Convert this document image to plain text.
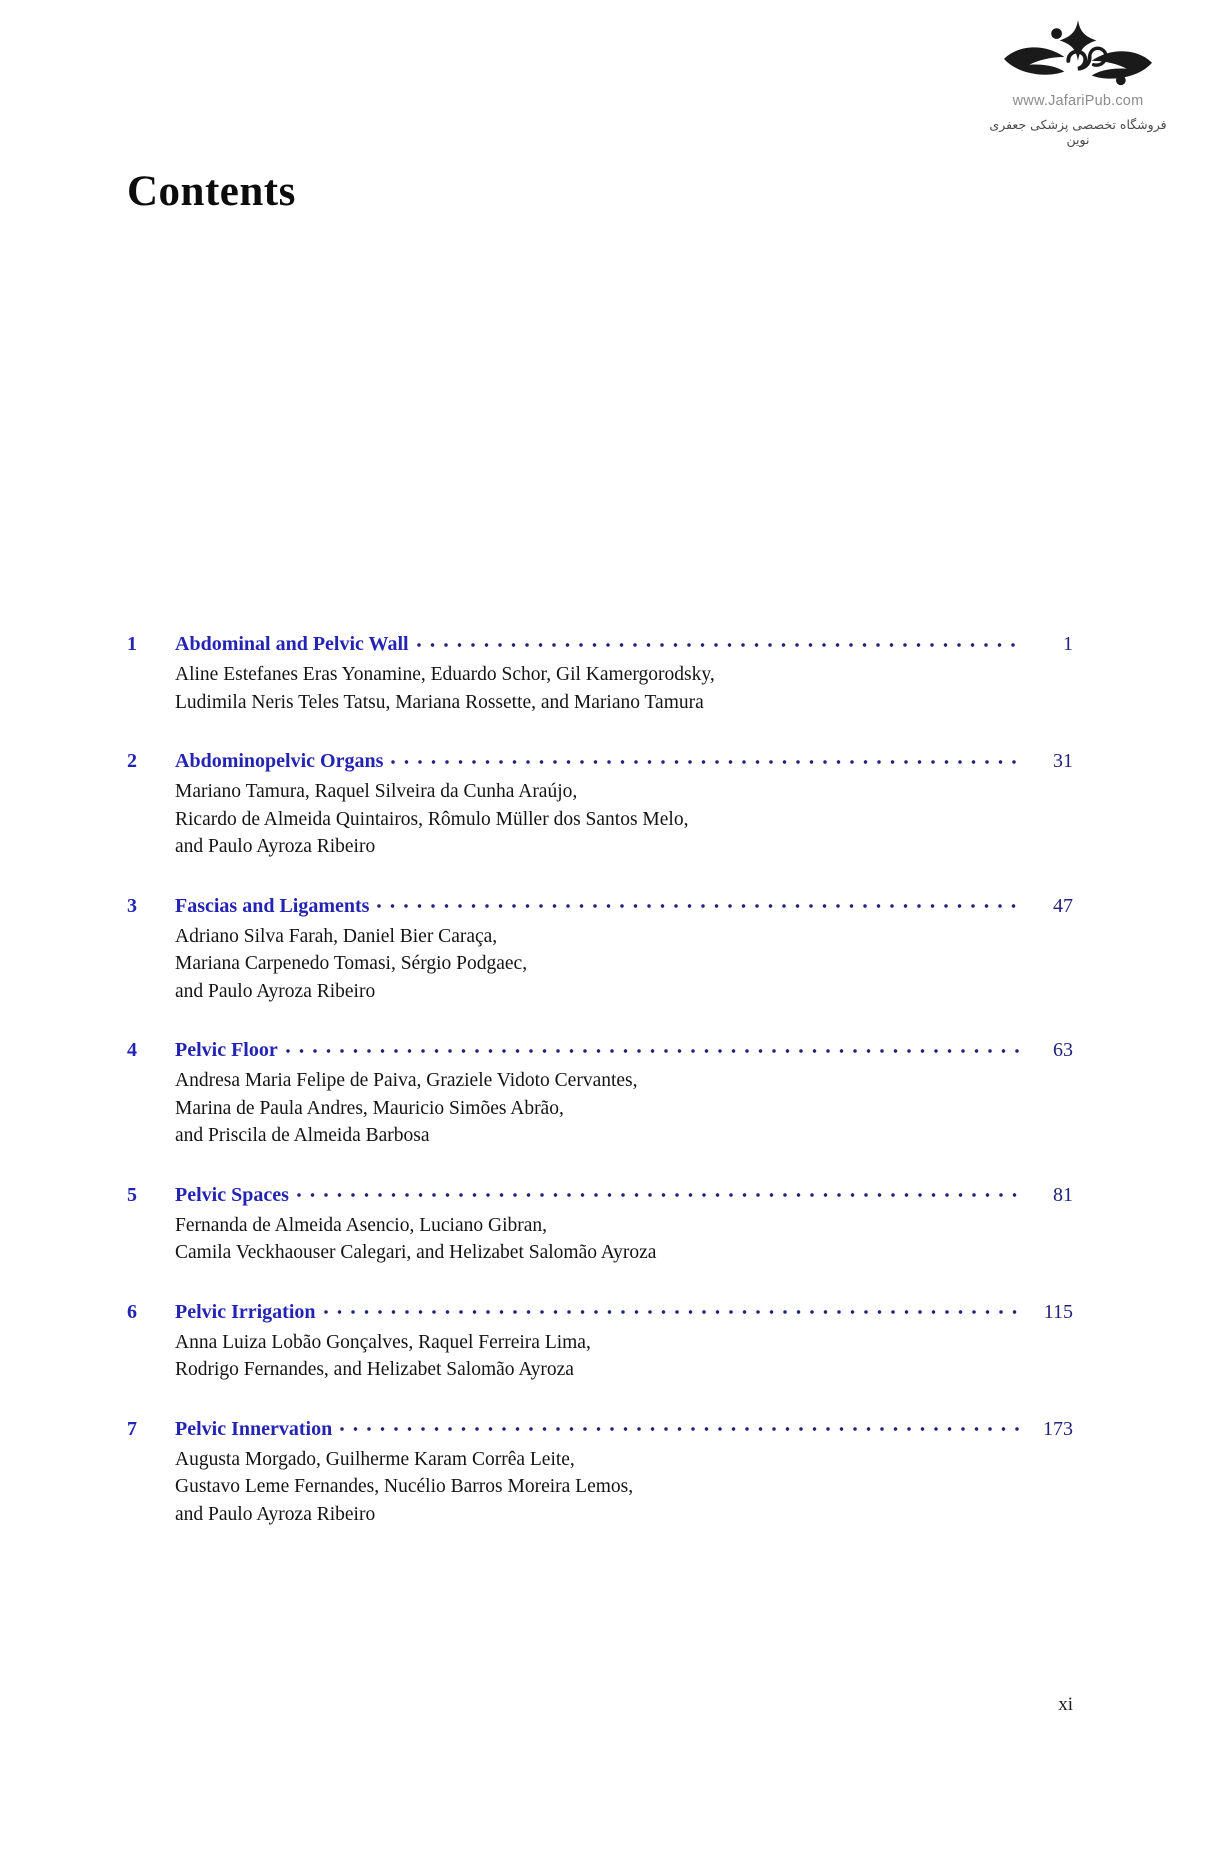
www.JafariPub.com
فروشگاه تخصصی پزشکی جعفری نوین
Contents
1	Abdominal and Pelvic Wall	1
Aline Estefanes Eras Yonamine, Eduardo Schor, Gil Kamergorodsky,
Ludimila Neris Teles Tatsu, Mariana Rossette, and Mariano Tamura
2	Abdominopelvic Organs	31
Mariano Tamura, Raquel Silveira da Cunha Araújo,
Ricardo de Almeida Quintairos, Rômulo Müller dos Santos Melo,
and Paulo Ayroza Ribeiro
3	Fascias and Ligaments	47
Adriano Silva Farah, Daniel Bier Caraça,
Mariana Carpenedo Tomasi, Sérgio Podgaec,
and Paulo Ayroza Ribeiro
4	Pelvic Floor	63
Andresa Maria Felipe de Paiva, Graziele Vidoto Cervantes,
Marina de Paula Andres, Mauricio Simões Abrão,
and Priscila de Almeida Barbosa
5	Pelvic Spaces	81
Fernanda de Almeida Asencio, Luciano Gibran,
Camila Veckhaouser Calegari, and Helizabet Salomão Ayroza
6	Pelvic Irrigation	115
Anna Luiza Lobão Gonçalves, Raquel Ferreira Lima,
Rodrigo Fernandes, and Helizabet Salomão Ayroza
7	Pelvic Innervation	173
Augusta Morgado, Guilherme Karam Corrêa Leite,
Gustavo Leme Fernandes, Nucélio Barros Moreira Lemos,
and Paulo Ayroza Ribeiro
xi
